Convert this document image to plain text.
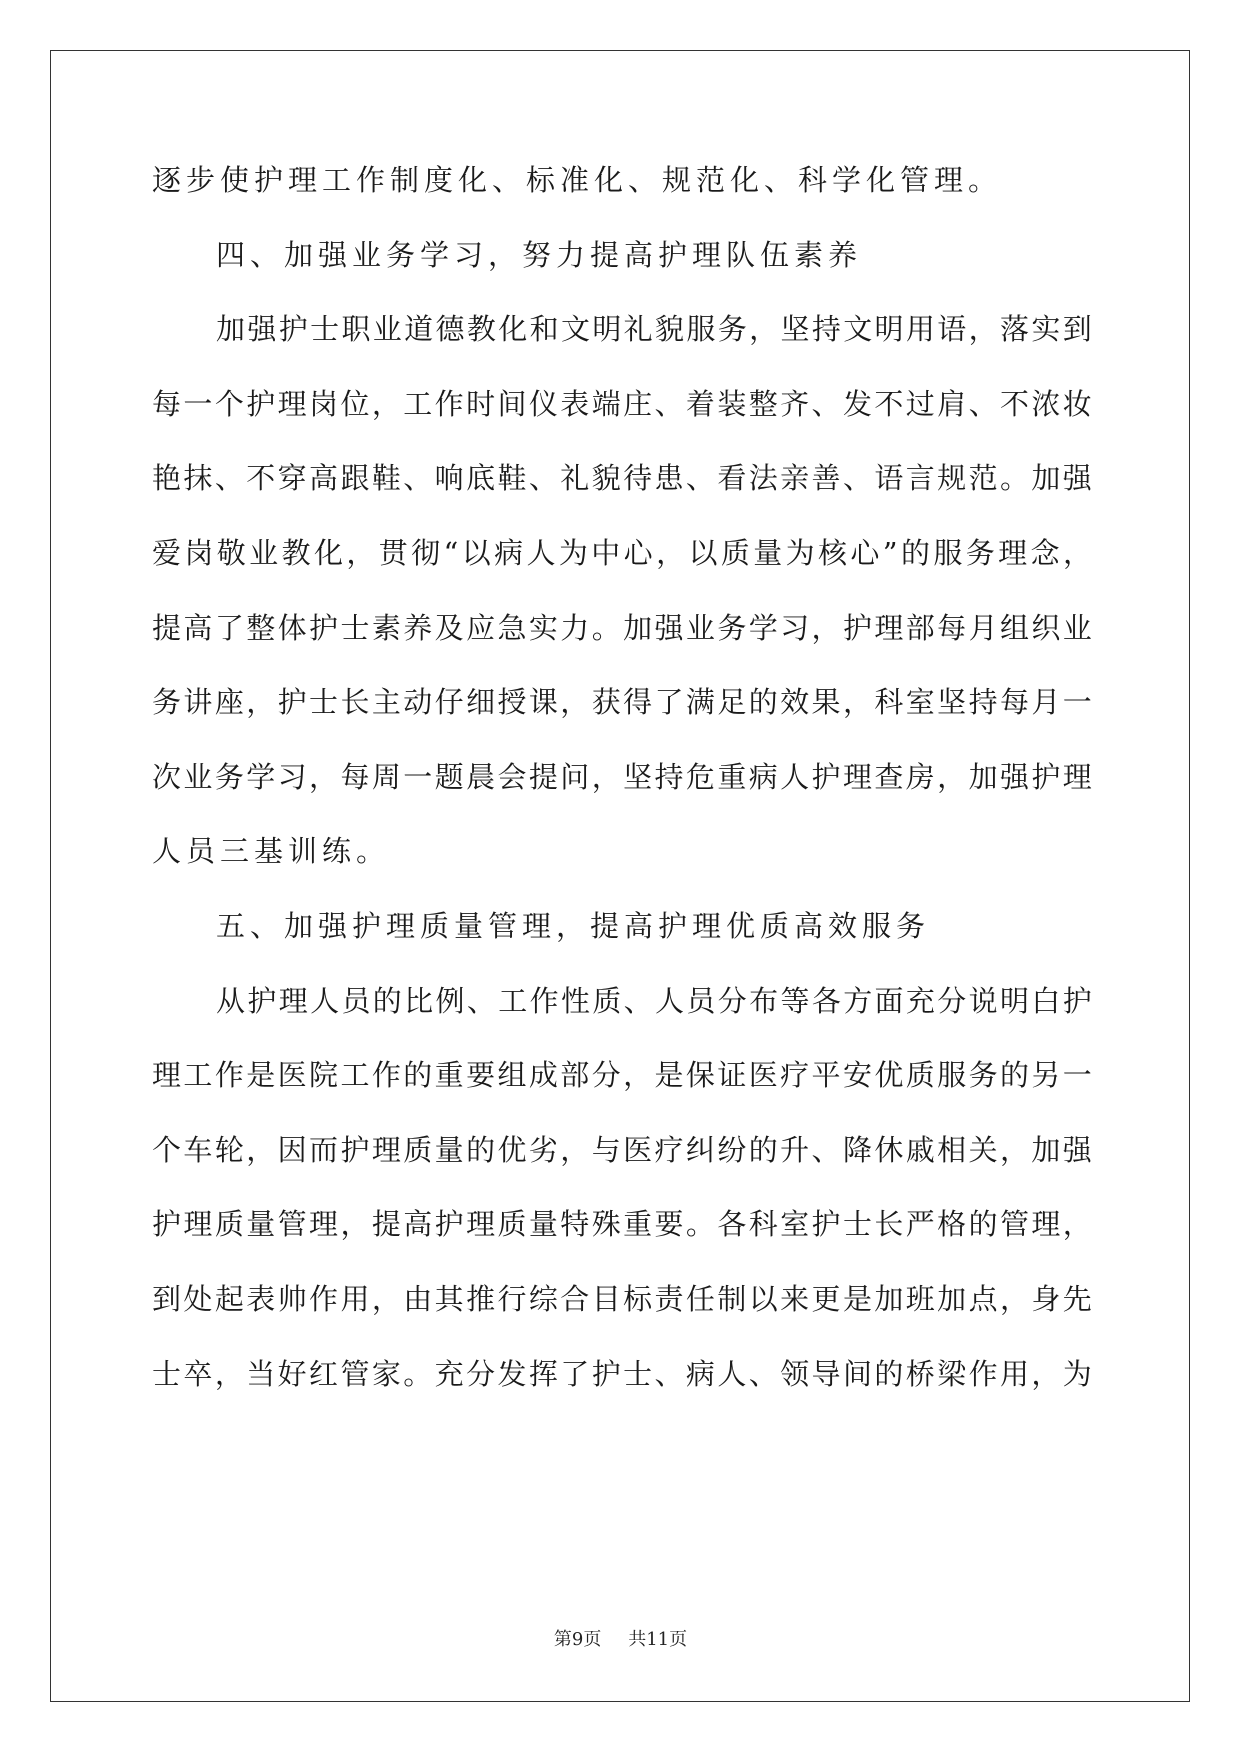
逐步使护理工作制度化、标准化、规范化、科学化管理。
四、加强业务学习，努力提高护理队伍素养
加 强 护 士 职 业 道 德 教 化 和 文 明 礼 貌 服 务 ， 坚 持 文 明 用 语 ， 落 实 到
每 一 个 护 理 岗 位 ， 工 作 时 间 仪 表 端 庄 、 着 装 整 齐 、 发 不 过 肩 、 不 浓 妆
艳 抹 、 不 穿 高 跟 鞋 、 响 底 鞋 、 礼 貌 待 患 、 看 法 亲 善 、 语 言 规 范 。 加 强
爱 岗 敬 业 教 化 ， 贯 彻 “ 以 病 人 为 中 心 ， 以 质 量 为 核 心 ” 的 服 务 理 念 ，
提 高 了 整 体 护 士 素 养 及 应 急 实 力 。 加 强 业 务 学 习 ， 护 理 部 每 月 组 织 业
务 讲 座 ， 护 士 长 主 动 仔 细 授 课 ， 获 得 了 满 足 的 效 果 ， 科 室 坚 持 每 月 一
次 业 务 学 习 ， 每 周 一 题 晨 会 提 问 ， 坚 持 危 重 病 人 护 理 查 房 ， 加 强 护 理
人员三基训练。
五、加强护理质量管理，提高护理优质高效服务
从 护 理 人 员 的 比 例 、 工 作 性 质 、 人 员 分 布 等 各 方 面 充 分 说 明 白 护
理 工 作 是 医 院 工 作 的 重 要 组 成 部 分 ， 是 保 证 医 疗 平 安 优 质 服 务 的 另 一
个 车 轮 ， 因 而 护 理 质 量 的 优 劣 ， 与 医 疗 纠 纷 的 升 、 降 休 戚 相 关 ， 加 强
护 理 质 量 管 理 ， 提 高 护 理 质 量 特 殊 重 要 。 各 科 室 护 士 长 严 格 的 管 理 ，
到 处 起 表 帅 作 用 ， 由 其 推 行 综 合 目 标 责 任 制 以 来 更 是 加 班 加 点 ， 身 先
士 卒 ， 当 好 红 管 家 。 充 分 发 挥 了 护 士 、 病 人 、 领 导 间 的 桥 梁 作 用 ， 为
第9页 共11页
